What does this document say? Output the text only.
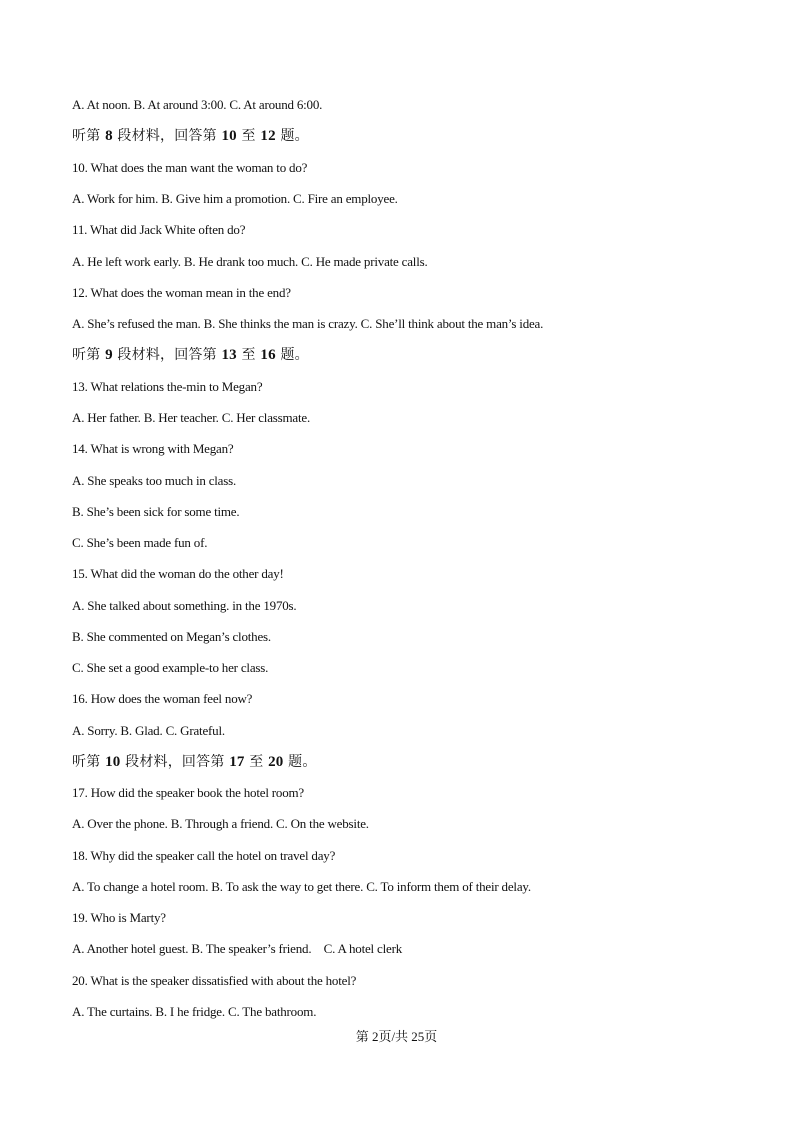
A. At noon. B. At around 3:00. C. At around 6:00.

听第 8 段材料，回答第 10 至 12 题。

10. What does the man want the woman to do?

A. Work for him. B. Give him a promotion. C. Fire an employee.

11. What did Jack White often do?

A. He left work early. B. He drank too much. C. He made private calls.

12. What does the woman mean in the end?

A. She’s refused the man. B. She thinks the man is crazy. C. She’ll think about the man’s idea.

听第 9 段材料，回答第 13 至 16 题。

13. What relations the-min to Megan?

A. Her father. B. Her teacher. C. Her classmate.

14. What is wrong with Megan?

A. She speaks too much in class.

B. She’s been sick for some time.

C. She’s been made fun of.

15. What did the woman do the other day!

A. She talked about something. in the 1970s.

B. She commented on Megan’s clothes.

C. She set a good example-to her class.

16. How does the woman feel now?

A. Sorry. B. Glad. C. Grateful.

听第 10 段材料，回答第 17 至 20 题。

17. How did the speaker book the hotel room?

A. Over the phone. B. Through a friend. C. On the website.

18. Why did the speaker call the hotel on travel day?

A. To change a hotel room. B. To ask the way to get there. C. To inform them of their delay.

19. Who is Marty?

A. Another hotel guest. B. The speaker’s friend.    C. A hotel clerk

20. What is the speaker dissatisfied with about the hotel?

A. The curtains. B. I he fridge. C. The bathroom.

第 2页/共 25页
